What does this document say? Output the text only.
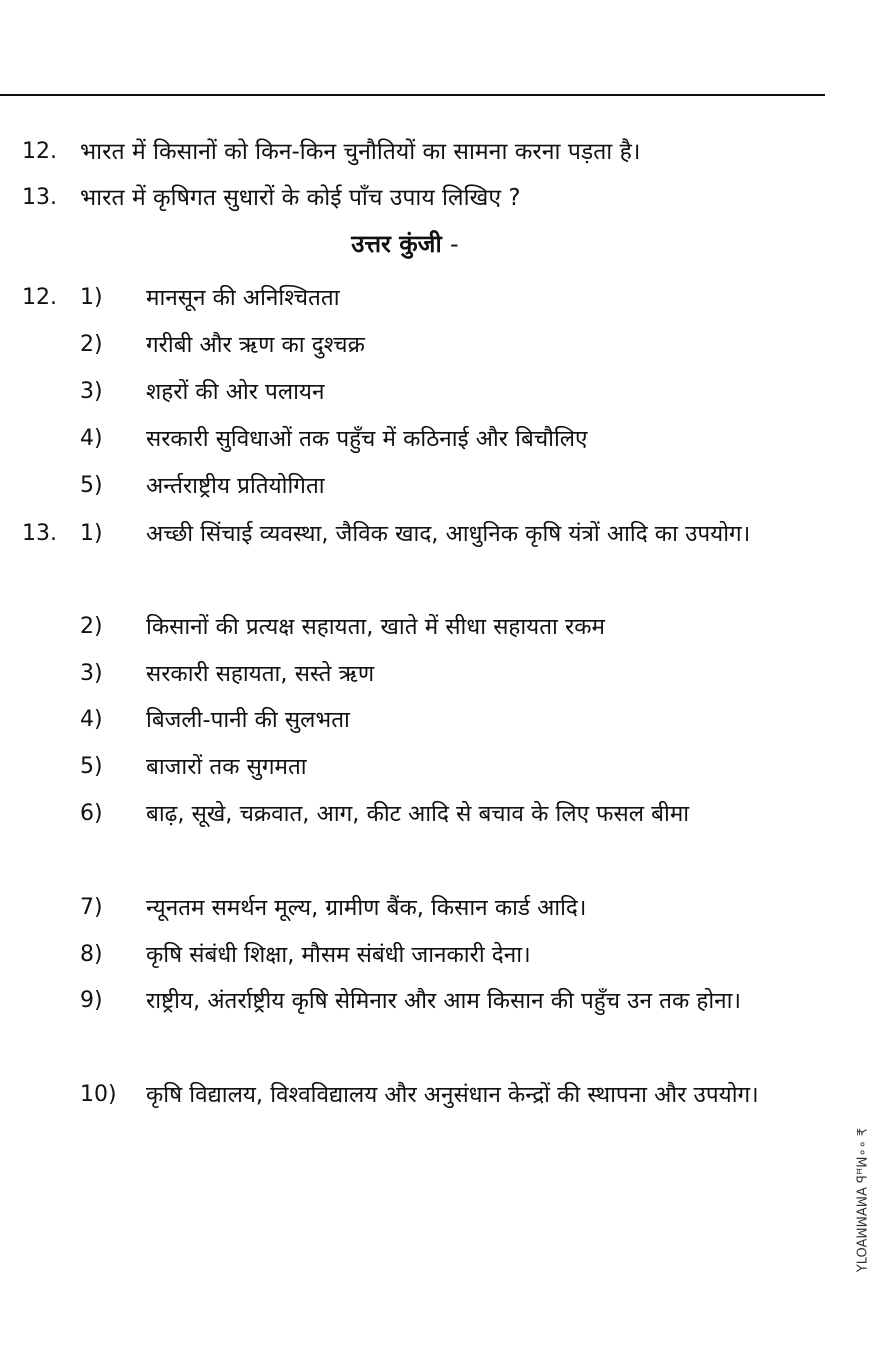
12. भारत में किसानों को किन-किन चुनौतियों का सामना करना पड़ता है।
13. भारत में कृषिगत सुधारों के कोई पाँच उपाय लिखिए ?
उत्तर कुंजी -
12. 1) मानसून की अनिश्चितता
2) गरीबी और ऋण का दुश्चक्र
3) शहरों की ओर पलायन
4) सरकारी सुविधाओं तक पहुँच में कठिनाई और बिचौलिए
5) अर्न्तराष्ट्रीय प्रतियोगिता
13. 1) अच्छी सिंचाई व्यवस्था, जैविक खाद, आधुनिक कृषि यंत्रों आदि का उपयोग।
2) किसानों की प्रत्यक्ष सहायता, खाते में सीधा सहायता रकम
3) सरकारी सहायता, सस्ते ऋण
4) बिजली-पानी की सुलभता
5) बाजारों तक सुगमता
6) बाढ़, सूखे, चक्रवात, आग, कीट आदि से बचाव के लिए फसल बीमा
7) न्यूनतम समर्थन मूल्य, ग्रामीण बैंक, किसान कार्ड आदि।
8) कृषि संबंधी शिक्षा, मौसम संबंधी जानकारी देना।
9) राष्ट्रीय, अंतर्राष्ट्रीय कृषि सेमिनार और आम किसान की पहुँच उन तक होना।
10) कृषि विद्यालय, विश्वविद्यालय और अनुसंधान केन्द्रों की स्थापना और उपयोग।
YLOAꟽꟽAꟽA ꟼꟸꟽ∘∘ ₹
